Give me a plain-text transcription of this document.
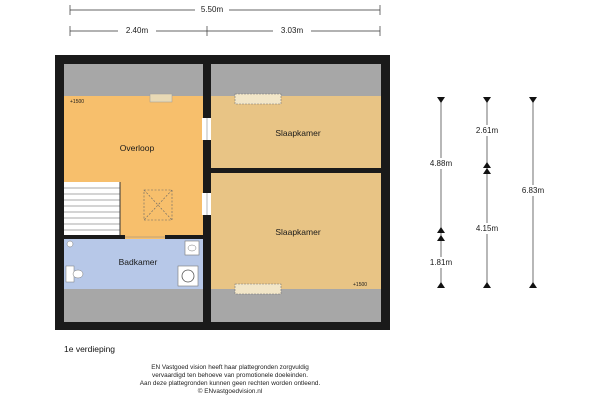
5.50m
2.40m	3.03m
Overloop
Slaapkamer
Slaapkamer
Badkamer
+1500
+1500
4.88m
1.81m
2.61m
4.15m
6.83m
1e verdieping
EN Vastgoed vision heeft haar plattegronden zorgvuldig
vervaardigd ten behoeve van promotionele doeleinden.
Aan deze plattegronden kunnen geen rechten worden ontleend.
© ENvastgoedvision.nl
